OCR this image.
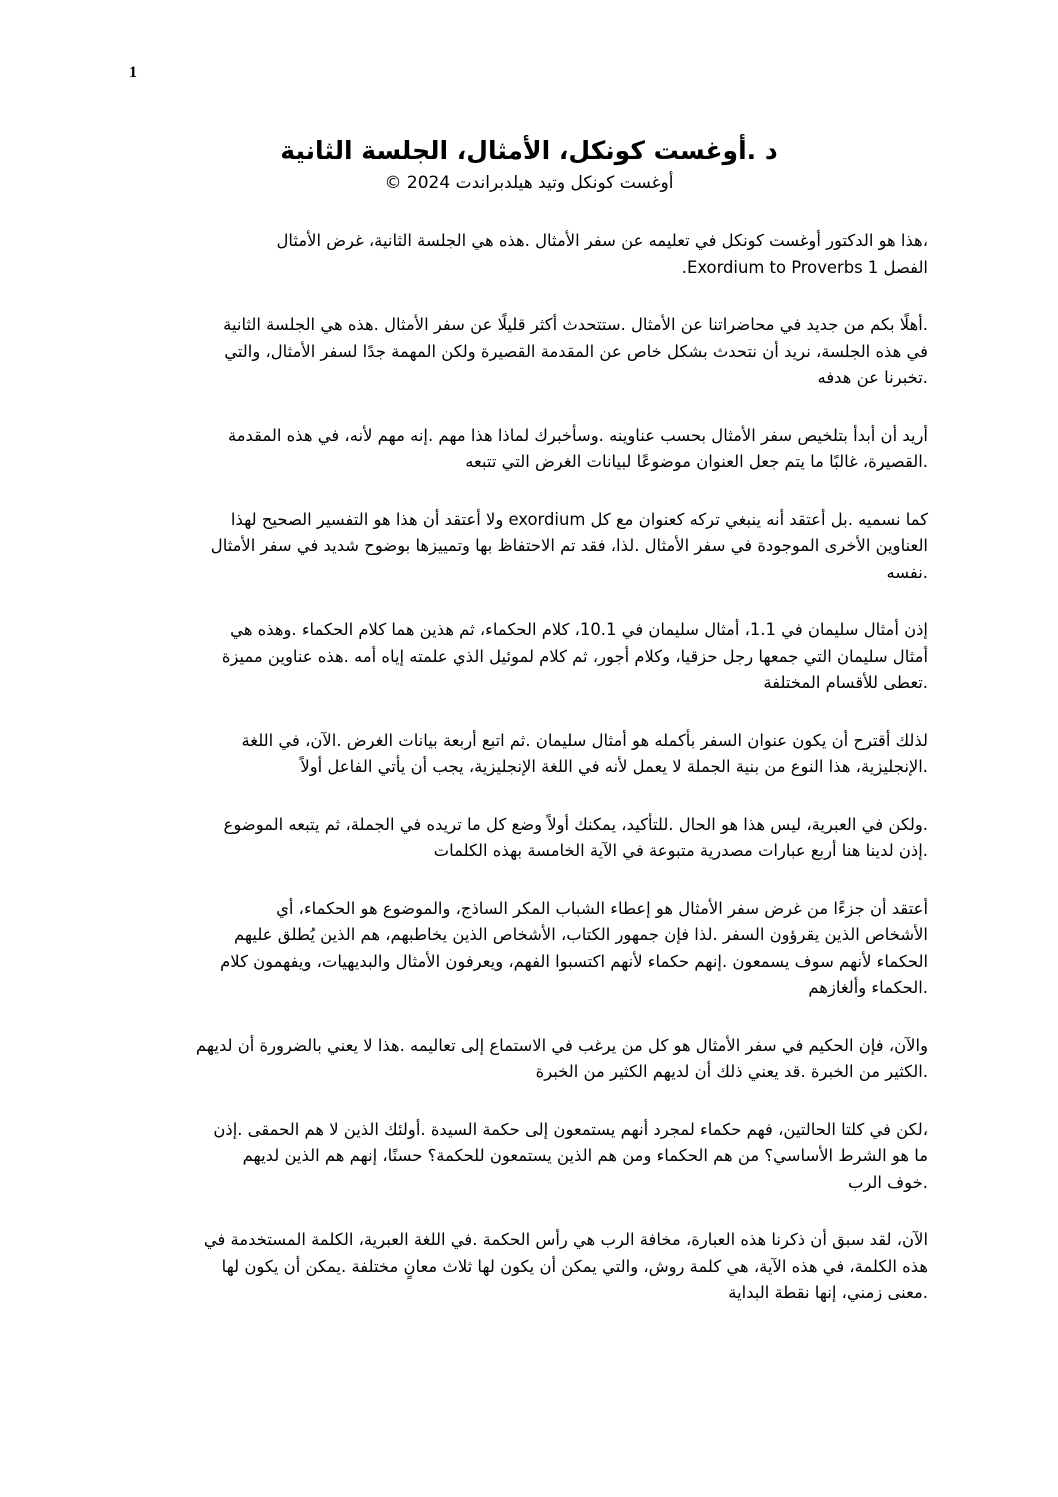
1

د .أوغست كونكل، الأمثال، الجلسة الثانية

أوغست كونكل وتيد هيلدبراندت 2024 ©

،هذا هو الدكتور أوغست كونكل في تعليمه عن سفر الأمثال .هذه هي الجلسة الثانية، غرض الأمثال
الفصل Exordium to Proverbs 1.

.أهلًا بكم من جديد في محاضراتنا عن الأمثال .ستتحدث أكثر قليلًا عن سفر الأمثال .هذه هي الجلسة الثانية
في هذه الجلسة، نريد أن نتحدث بشكل خاص عن المقدمة القصيرة ولكن المهمة جدًا لسفر الأمثال، والتي
.تخبرنا عن هدفه

أريد أن أبدأ بتلخيص سفر الأمثال بحسب عناوينه .وسأخبرك لماذا هذا مهم .إنه مهم لأنه، في هذه المقدمة
.القصيرة، غالبًا ما يتم جعل العنوان موضوعًا لبيانات الغرض التي تتبعه

كما نسميه .بل أعتقد أنه ينبغي تركه كعنوان مع كل exordium ولا أعتقد أن هذا هو التفسير الصحيح لهذا
العناوين الأخرى الموجودة في سفر الأمثال .لذا، فقد تم الاحتفاظ بها وتمييزها بوضوح شديد في سفر الأمثال
.نفسه

إذن أمثال سليمان في 1.1، أمثال سليمان في 10.1، كلام الحكماء، ثم هذين هما كلام الحكماء .وهذه هي
أمثال سليمان التي جمعها رجل حزقيا، وكلام أجور، ثم كلام لموئيل الذي علمته إياه أمه .هذه عناوين مميزة
.تعطى للأقسام المختلفة

لذلك أقترح أن يكون عنوان السفر بأكمله هو أمثال سليمان .ثم اتبع أربعة بيانات الغرض .الآن، في اللغة
.الإنجليزية، هذا النوع من بنية الجملة لا يعمل لأنه في اللغة الإنجليزية، يجب أن يأتي الفاعل أولاً

.ولكن في العبرية، ليس هذا هو الحال .للتأكيد، يمكنك أولاً وضع كل ما تريده في الجملة، ثم يتبعه الموضوع
.إذن لدينا هنا أربع عبارات مصدرية متبوعة في الآية الخامسة بهذه الكلمات

أعتقد أن جزءًا من غرض سفر الأمثال هو إعطاء الشباب المكر الساذج، والموضوع هو الحكماء، أي
الأشخاص الذين يقرؤون السفر .لذا فإن جمهور الكتاب، الأشخاص الذين يخاطبهم، هم الذين يُطلق عليهم
الحكماء لأنهم سوف يسمعون .إنهم حكماء لأنهم اكتسبوا الفهم، ويعرفون الأمثال والبديهيات، ويفهمون كلام
.الحكماء وألغازهم

والآن، فإن الحكيم في سفر الأمثال هو كل من يرغب في الاستماع إلى تعاليمه .هذا لا يعني بالضرورة أن لديهم
.الكثير من الخبرة .قد يعني ذلك أن لديهم الكثير من الخبرة

،لكن في كلتا الحالتين، فهم حكماء لمجرد أنهم يستمعون إلى حكمة السيدة .أولئك الذين لا هم الحمقى .إذن
ما هو الشرط الأساسي؟ من هم الحكماء ومن هم الذين يستمعون للحكمة؟ حسنًا، إنهم هم الذين لديهم
.خوف الرب

الآن، لقد سبق أن ذكرنا هذه العبارة، مخافة الرب هي رأس الحكمة .في اللغة العبرية، الكلمة المستخدمة في
هذه الكلمة، في هذه الآية، هي كلمة روش، والتي يمكن أن يكون لها ثلاث معانٍ مختلفة .يمكن أن يكون لها
.معنى زمني، إنها نقطة البداية
